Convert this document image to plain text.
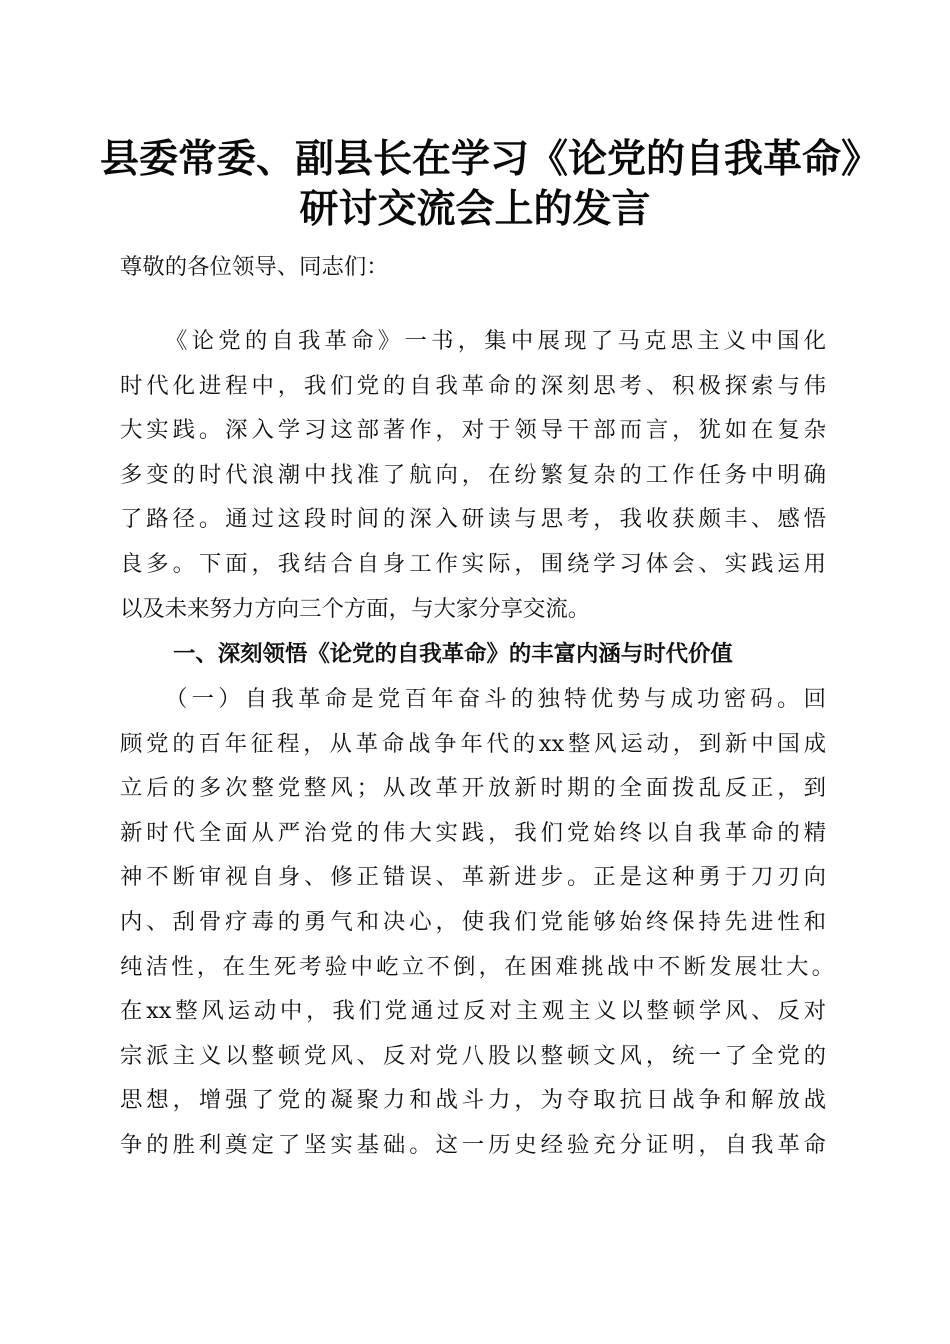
县委常委、副县长在学习《论党的自我革命》
研讨交流会上的发言
尊敬的各位领导、同志们：
《论党的自我革命》一书，集中展现了马克思主义中国化
时代化进程中，我们党的自我革命的深刻思考、积极探索与伟
大实践。深入学习这部著作，对于领导干部而言，犹如在复杂
多变的时代浪潮中找准了航向，在纷繁复杂的工作任务中明确
了路径。通过这段时间的深入研读与思考，我收获颇丰、感悟
良多。下面，我结合自身工作实际，围绕学习体会、实践运用
以及未来努力方向三个方面，与大家分享交流。
一、深刻领悟《论党的自我革命》的丰富内涵与时代价值
（一）自我革命是党百年奋斗的独特优势与成功密码。回
顾党的百年征程，从革命战争年代的xx整风运动，到新中国成
立后的多次整党整风；从改革开放新时期的全面拨乱反正，到
新时代全面从严治党的伟大实践，我们党始终以自我革命的精
神不断审视自身、修正错误、革新进步。正是这种勇于刀刃向
内、刮骨疗毒的勇气和决心，使我们党能够始终保持先进性和
纯洁性，在生死考验中屹立不倒，在困难挑战中不断发展壮大。
在xx整风运动中，我们党通过反对主观主义以整顿学风、反对
宗派主义以整顿党风、反对党八股以整顿文风，统一了全党的
思想，增强了党的凝聚力和战斗力，为夺取抗日战争和解放战
争的胜利奠定了坚实基础。这一历史经验充分证明，自我革命
